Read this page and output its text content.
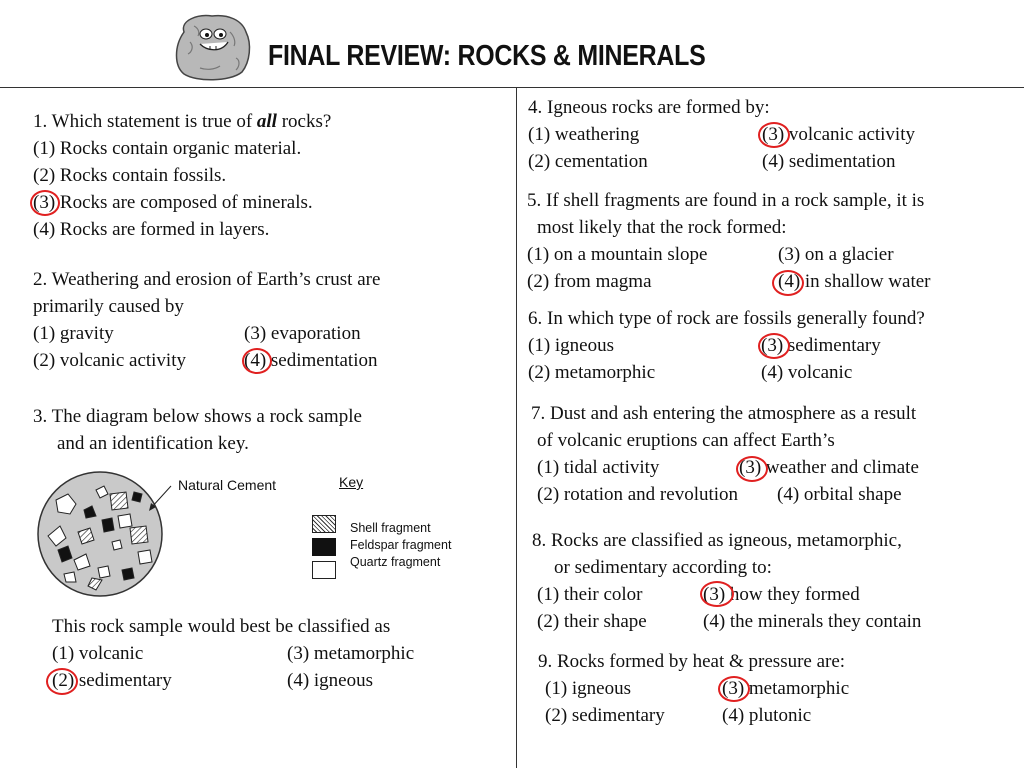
FINAL REVIEW: ROCKS & MINERALS
1. Which statement is true of all rocks?
(1) Rocks contain organic material.
(2) Rocks contain fossils.
(3) Rocks are composed of minerals.
(4) Rocks are formed in layers.
2. Weathering and erosion of Earth’s crust are
primarily caused by
(1) gravity	(3) evaporation
(2) volcanic activity	(4) sedimentation
3. The diagram below shows a rock sample
and an identification key.
Natural Cement	Key
Shell fragment
Feldspar fragment
Quartz fragment
This rock sample would best be classified as
(1) volcanic	(3) metamorphic
(2) sedimentary	(4) igneous
4. Igneous rocks are formed by:
(1) weathering	(3) volcanic activity
(2) cementation	(4) sedimentation
5. If shell fragments are found in a rock sample, it is
most likely that the rock formed:
(1) on a mountain slope	(3) on a glacier
(2) from magma	(4) in shallow water
6. In which type of rock are fossils generally found?
(1) igneous	(3) sedimentary
(2) metamorphic	(4) volcanic
7. Dust and ash entering the atmosphere as a result
of volcanic eruptions can affect Earth’s
(1) tidal activity	(3) weather and climate
(2) rotation and revolution (4) orbital shape
8. Rocks are classified as igneous, metamorphic,
or sedimentary according to:
(1) their color	(3) how they formed
(2) their shape	(4) the minerals they contain
9. Rocks formed by heat & pressure are:
(1) igneous	(3) metamorphic
(2) sedimentary	(4) plutonic
